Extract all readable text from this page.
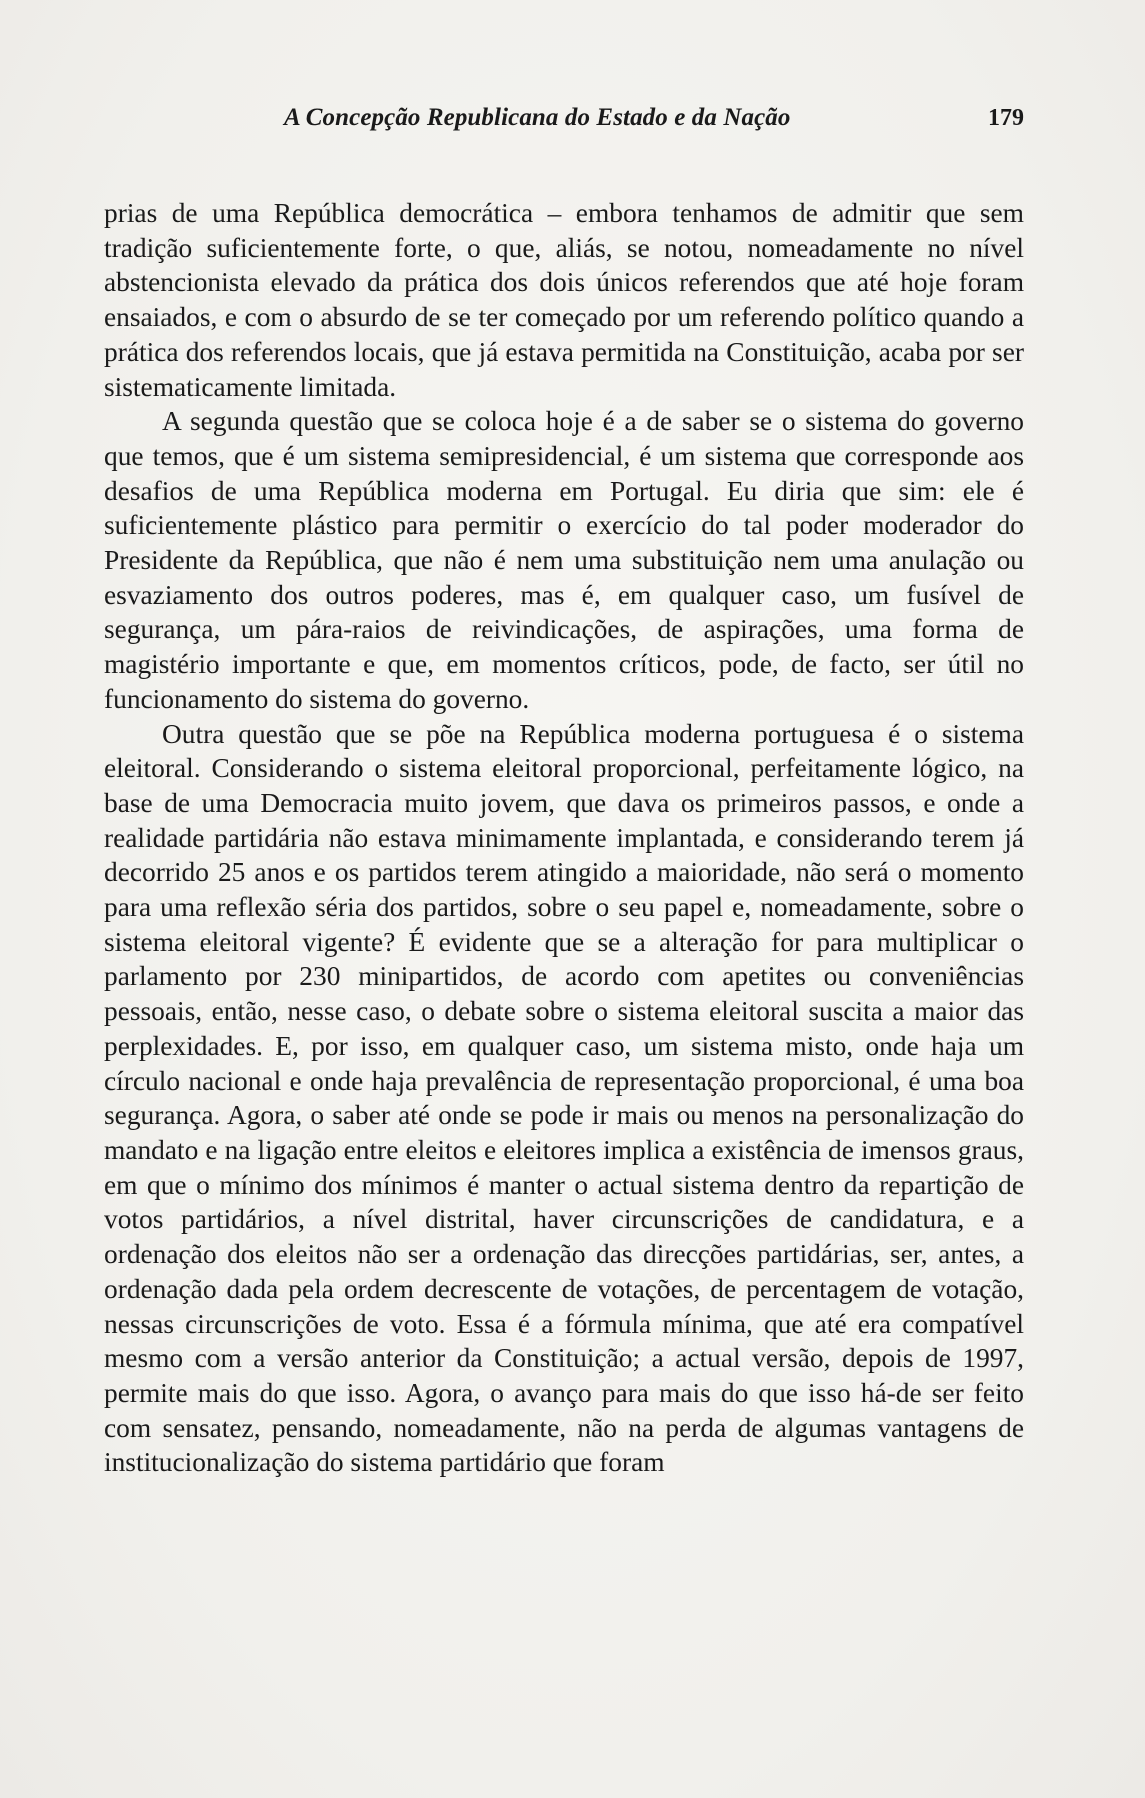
A Concepção Republicana do Estado e da Nação	179

prias de uma República democrática – embora tenhamos de admitir que sem tradição suficientemente forte, o que, aliás, se notou, nomeadamente no nível abstencionista elevado da prática dos dois únicos referendos que até hoje foram ensaiados, e com o absurdo de se ter começado por um referendo político quando a prática dos referendos locais, que já estava permitida na Constituição, acaba por ser sistematicamente limitada.

A segunda questão que se coloca hoje é a de saber se o sistema do governo que temos, que é um sistema semipresidencial, é um sistema que corresponde aos desafios de uma República moderna em Portugal. Eu diria que sim: ele é suficientemente plástico para permitir o exercício do tal poder moderador do Presidente da República, que não é nem uma substituição nem uma anulação ou esvaziamento dos outros poderes, mas é, em qualquer caso, um fusível de segurança, um pára-raios de reivindicações, de aspirações, uma forma de magistério importante e que, em momentos críticos, pode, de facto, ser útil no funcionamento do sistema do governo.

Outra questão que se põe na República moderna portuguesa é o sistema eleitoral. Considerando o sistema eleitoral proporcional, perfeitamente lógico, na base de uma Democracia muito jovem, que dava os primeiros passos, e onde a realidade partidária não estava minimamente implantada, e considerando terem já decorrido 25 anos e os partidos terem atingido a maioridade, não será o momento para uma reflexão séria dos partidos, sobre o seu papel e, nomeadamente, sobre o sistema eleitoral vigente? É evidente que se a alteração for para multiplicar o parlamento por 230 minipartidos, de acordo com apetites ou conveniências pessoais, então, nesse caso, o debate sobre o sistema eleitoral suscita a maior das perplexidades. E, por isso, em qualquer caso, um sistema misto, onde haja um círculo nacional e onde haja prevalência de representação proporcional, é uma boa segurança. Agora, o saber até onde se pode ir mais ou menos na personalização do mandato e na ligação entre eleitos e eleitores implica a existência de imensos graus, em que o mínimo dos mínimos é manter o actual sistema dentro da repartição de votos partidários, a nível distrital, haver circunscrições de candidatura, e a ordenação dos eleitos não ser a ordenação das direcções partidárias, ser, antes, a ordenação dada pela ordem decrescente de votações, de percentagem de votação, nessas circunscrições de voto. Essa é a fórmula mínima, que até era compatível mesmo com a versão anterior da Constituição; a actual versão, depois de 1997, permite mais do que isso. Agora, o avanço para mais do que isso há-de ser feito com sensatez, pensando, nomeadamente, não na perda de algumas vantagens de institucionalização do sistema partidário que foram
